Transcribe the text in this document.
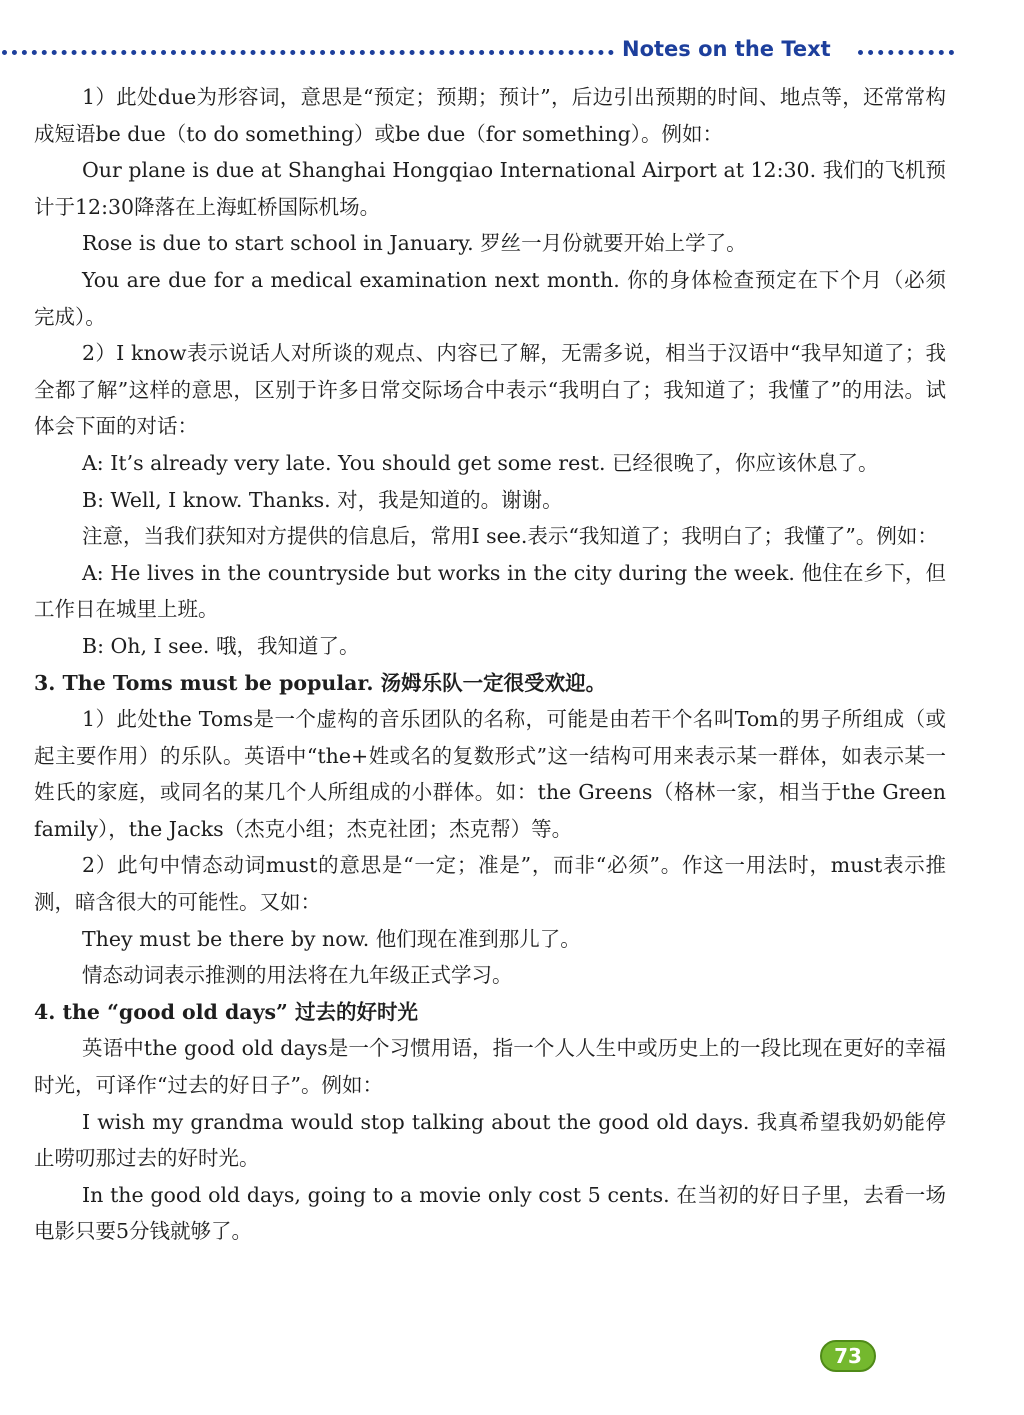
Notes on the Text

1）此处due为形容词，意思是“预定；预期；预计”，后边引出预期的时间、地点等，还常常构成短语be due（to do something）或be due（for something）。例如：

Our plane is due at Shanghai Hongqiao International Airport at 12:30. 我们的飞机预计于12:30降落在上海虹桥国际机场。

Rose is due to start school in January. 罗丝一月份就要开始上学了。

You are due for a medical examination next month. 你的身体检查预定在下个月（必须完成）。

2）I know表示说话人对所谈的观点、内容已了解，无需多说，相当于汉语中“我早知道了；我全都了解”这样的意思，区别于许多日常交际场合中表示“我明白了；我知道了；我懂了”的用法。试体会下面的对话：

A: It’s already very late. You should get some rest. 已经很晚了，你应该休息了。

B: Well, I know. Thanks. 对，我是知道的。谢谢。

注意，当我们获知对方提供的信息后，常用I see.表示“我知道了；我明白了；我懂了”。例如：

A: He lives in the countryside but works in the city during the week. 他住在乡下，但工作日在城里上班。

B: Oh, I see. 哦，我知道了。

3. The Toms must be popular. 汤姆乐队一定很受欢迎。

1）此处the Toms是一个虚构的音乐团队的名称，可能是由若干个名叫Tom的男子所组成（或起主要作用）的乐队。英语中“the+姓或名的复数形式”这一结构可用来表示某一群体，如表示某一姓氏的家庭，或同名的某几个人所组成的小群体。如：the Greens（格林一家，相当于the Green family），the Jacks（杰克小组；杰克社团；杰克帮）等。

2）此句中情态动词must的意思是“一定；准是”，而非“必须”。作这一用法时，must表示推测，暗含很大的可能性。又如：

They must be there by now. 他们现在准到那儿了。

情态动词表示推测的用法将在九年级正式学习。

4. the “good old days” 过去的好时光

英语中the good old days是一个习惯用语，指一个人人生中或历史上的一段比现在更好的幸福时光，可译作“过去的好日子”。例如：

I wish my grandma would stop talking about the good old days. 我真希望我奶奶能停止唠叨那过去的好时光。

In the good old days, going to a movie only cost 5 cents. 在当初的好日子里，去看一场电影只要5分钱就够了。

73
